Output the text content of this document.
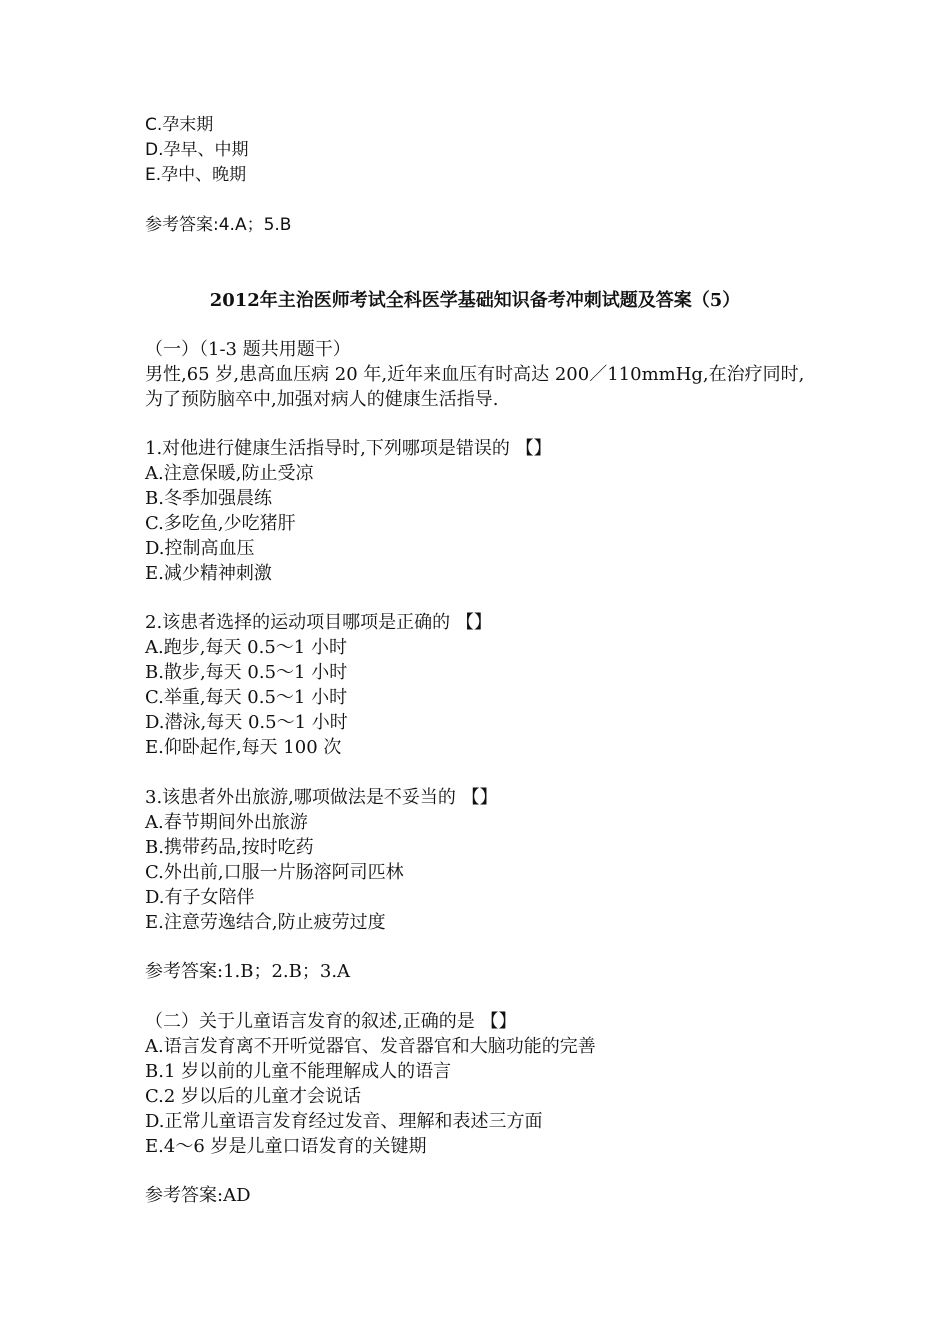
C.孕末期
D.孕早、中期
E.孕中、晚期
参考答案:4.A；5.B
2012年主治医师考试全科医学基础知识备考冲刺试题及答案（5）
（一）（1-3 题共用题干）
男性,65 岁,患高血压病 20 年,近年来血压有时高达 200／110mmHg,在治疗同时,
为了预防脑卒中,加强对病人的健康生活指导.
1.对他进行健康生活指导时,下列哪项是错误的 【】
A.注意保暖,防止受凉
B.冬季加强晨练
C.多吃鱼,少吃猪肝
D.控制高血压
E.减少精神刺激
2.该患者选择的运动项目哪项是正确的 【】
A.跑步,每天 0.5～1 小时
B.散步,每天 0.5～1 小时
C.举重,每天 0.5～1 小时
D.潜泳,每天 0.5～1 小时
E.仰卧起作,每天 100 次
3.该患者外出旅游,哪项做法是不妥当的 【】
A.春节期间外出旅游
B.携带药品,按时吃药
C.外出前,口服一片肠溶阿司匹林
D.有子女陪伴
E.注意劳逸结合,防止疲劳过度
参考答案:1.B；2.B；3.A
（二）关于儿童语言发育的叙述,正确的是 【】
A.语言发育离不开听觉器官、发音器官和大脑功能的完善
B.1 岁以前的儿童不能理解成人的语言
C.2 岁以后的儿童才会说话
D.正常儿童语言发育经过发音、理解和表述三方面
E.4～6 岁是儿童口语发育的关键期
参考答案:AD
